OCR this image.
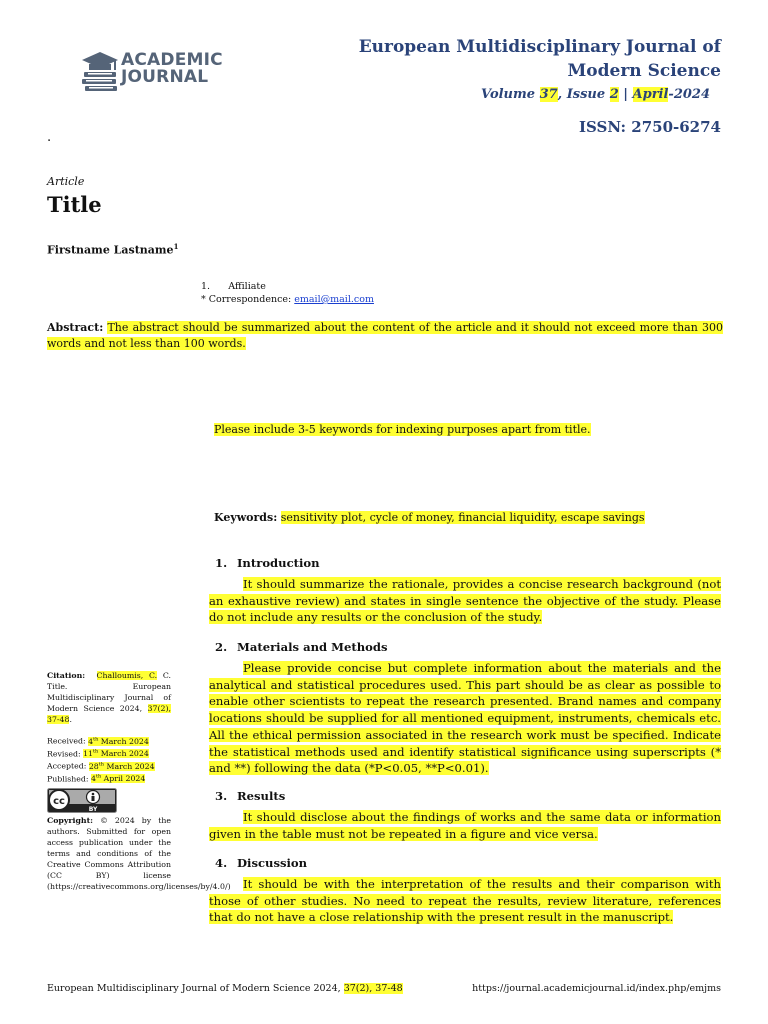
ACADEMIC
JOURNAL
European Multidisciplinary Journal of
Modern Science
Volume 37, Issue 2 | April-2024
ISSN: 2750-6274
.
Article
Title
Firstname Lastname$^1$
1. Affiliate
* Correspondence: email@mail.com
Abstract: The abstract should be summarized about the content of the article and it should not exceed more than 300 words and not less than 100 words.
Please include 3-5 keywords for indexing purposes apart from title.
Keywords: sensitivity plot, cycle of money, financial liquidity, escape savings
1. Introduction
It should summarize the rationale, provides a concise research background (not an exhaustive review) and states in single sentence the objective of the study. Please do not include any results or the conclusion of the study.
2. Materials and Methods
Please provide concise but complete information about the materials and the analytical and statistical procedures used. This part should be as clear as possible to enable other scientists to repeat the research presented. Brand names and company locations should be supplied for all mentioned equipment, instruments, chemicals etc. All the ethical permission associated in the research work must be specified. Indicate the statistical methods used and identify statistical significance using superscripts (* and **) following the data (*P<0.05, **P<0.01).
3. Results
It should disclose about the findings of works and the same data or information given in the table must not be repeated in a figure and vice versa.
4. Discussion
It should be with the interpretation of the results and their comparison with those of other studies. No need to repeat the results, review literature, references that do not have a close relationship with the present result in the manuscript.
Citation: Challoumis, C. C. Title. European Multidisciplinary Journal of Modern Science 2024, 37(2), 37-48.
Received: 4th March 2024
Revised: 11th March 2024
Accepted: 28th March 2024
Published: 4th April 2024
cc
BY
Copyright: © 2024 by the authors. Submitted for open access publication under the terms and conditions of the Creative Commons Attribution (CC BY) license (https://creativecommons.org/licenses/by/4.0/)
European Multidisciplinary Journal of Modern Science 2024, 37(2), 37-48	https://journal.academicjournal.id/index.php/emjms
